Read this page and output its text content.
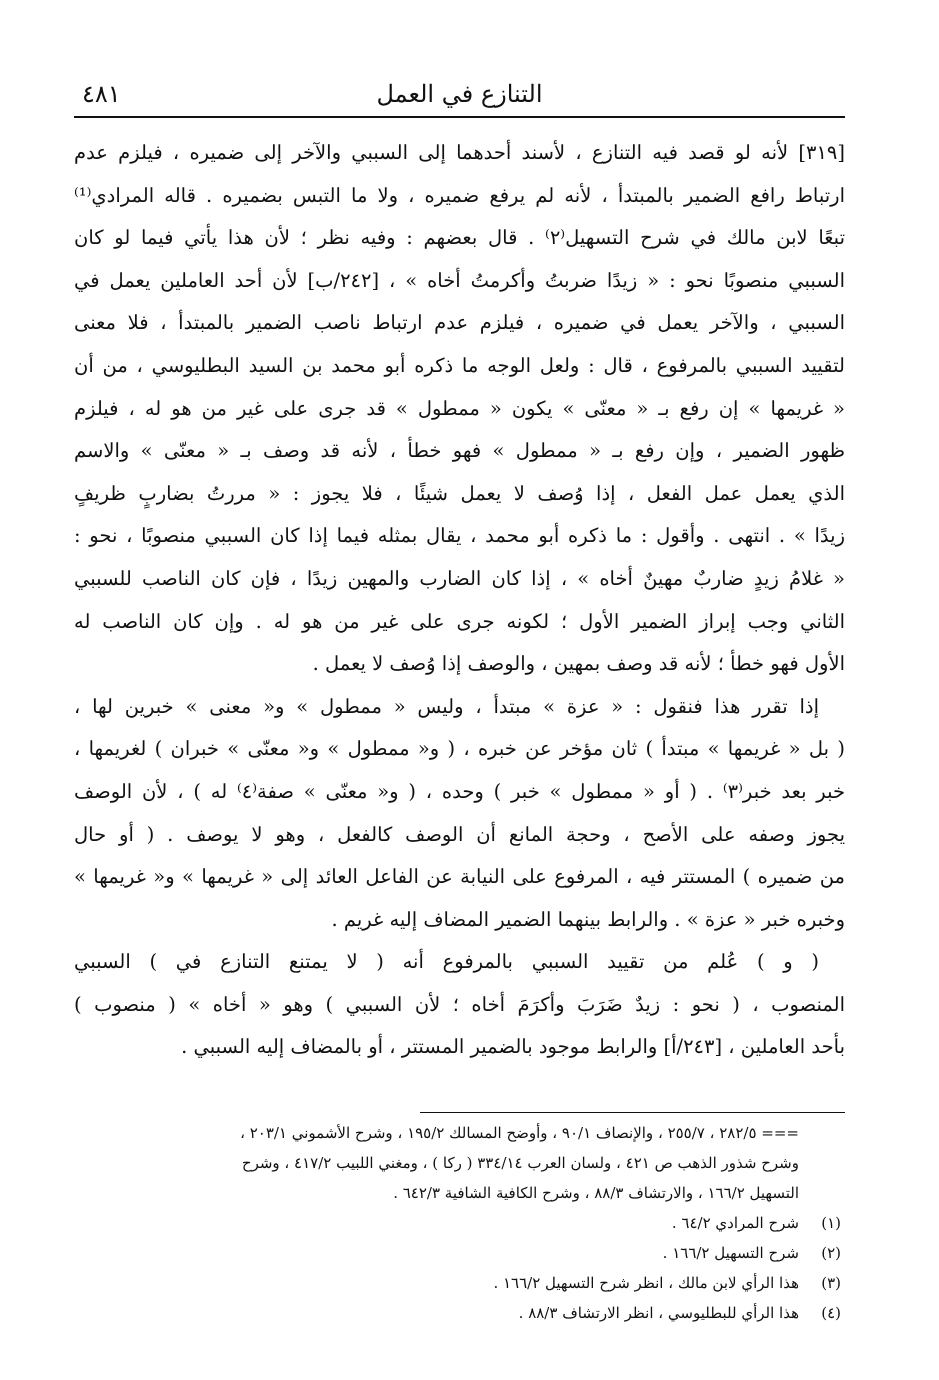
التنازع في العمل
٤٨١
[٣١٩] لأنه لو قصد فيه التنازع ، لأسند أحدهما إلى السببي والآخر إلى ضميره ، فيلزم عدم
ارتباط رافع الضمير بالمبتدأ ، لأنه لم يرفع ضميره ، ولا ما التبس بضميره . قاله المرادي⁽¹⁾
تبعًا لابن مالك في شرح التسهيل⁽٢⁾ . قال بعضهم : وفيه نظر ؛ لأن هذا يأتي فيما لو كان
السببي منصوبًا نحو : « زيدًا ضربتُ وأكرمتُ أخاه » ، [٢٤٢/ب] لأن أحد العاملين يعمل في
السببي ، والآخر يعمل في ضميره ، فيلزم عدم ارتباط ناصب الضمير بالمبتدأ ، فلا معنى
لتقييد السببي بالمرفوع ، قال : ولعل الوجه ما ذكره أبو محمد بن السيد البطليوسي ، من أن
« غريمها » إن رفع بـ « معنّى » يكون « ممطول » قد جرى على غير من هو له ، فيلزم
ظهور الضمير ، وإن رفع بـ « ممطول » فهو خطأ ، لأنه قد وصف بـ « معنّى » والاسم
الذي يعمل عمل الفعل ، إذا وُصف لا يعمل شيئًا ، فلا يجوز : « مررتُ بضاربٍ ظريفٍ
زيدًا » . انتهى . وأقول : ما ذكره أبو محمد ، يقال بمثله فيما إذا كان السببي منصوبًا ، نحو :
« غلامُ زيدٍ ضاربٌ مهينٌ أخاه » ، إذا كان الضارب والمهين زيدًا ، فإن كان الناصب للسببي
الثاني وجب إبراز الضمير الأول ؛ لكونه جرى على غير من هو له . وإن كان الناصب له
الأول فهو خطأ ؛ لأنه قد وصف بمهين ، والوصف إذا وُصف لا يعمل .
إذا تقرر هذا فنقول : « عزة » مبتدأ ، وليس « ممطول » و« معنى » خبرين لها ،
( بل « غريمها » مبتدأ ) ثان مؤخر عن خبره ، ( و« ممطول » و« معنّى » خبران ) لغريمها ،
خبر بعد خبر⁽٣⁾ . ( أو « ممطول » خبر ) وحده ، ( و« معنّى » صفة⁽٤⁾ له ) ، لأن الوصف
يجوز وصفه على الأصح ، وحجة المانع أن الوصف كالفعل ، وهو لا يوصف . ( أو حال
من ضميره ) المستتر فيه ، المرفوع على النيابة عن الفاعل العائد إلى « غريمها » و« غريمها »
وخبره خبر « عزة » . والرابط بينهما الضمير المضاف إليه غريم .
( و ) عُلم من تقييد السببي بالمرفوع أنه ( لا يمتنع التنازع في ) السببي
المنصوب ، ( نحو : زيدٌ ضَرَبَ وأكرَمَ أخاه ؛ لأن السببي ) وهو « أخاه » ( منصوب )
بأحد العاملين ، [٢٤٣/أ] والرابط موجود بالضمير المستتر ، أو بالمضاف إليه السببي .
=== ٢٨٢/٥ ، ٢٥٥/٧ ، والإنصاف ٩٠/١ ، وأوضح المسالك ١٩٥/٢ ، وشرح الأشموني ٢٠٣/١ ،
وشرح شذور الذهب ص ٤٢١ ، ولسان العرب ٣٣٤/١٤ ( ركا ) ، ومغني اللبيب ٤١٧/٢ ، وشرح
التسهيل ١٦٦/٢ ، والارتشاف ٨٨/٣ ، وشرح الكافية الشافية ٦٤٢/٣ .
(١)
شرح المرادي ٦٤/٢ .
(٢)
شرح التسهيل ١٦٦/٢ .
(٣)
هذا الرأي لابن مالك ، انظر شرح التسهيل ١٦٦/٢ .
(٤)
هذا الرأي للبطليوسي ، انظر الارتشاف ٨٨/٣ .
